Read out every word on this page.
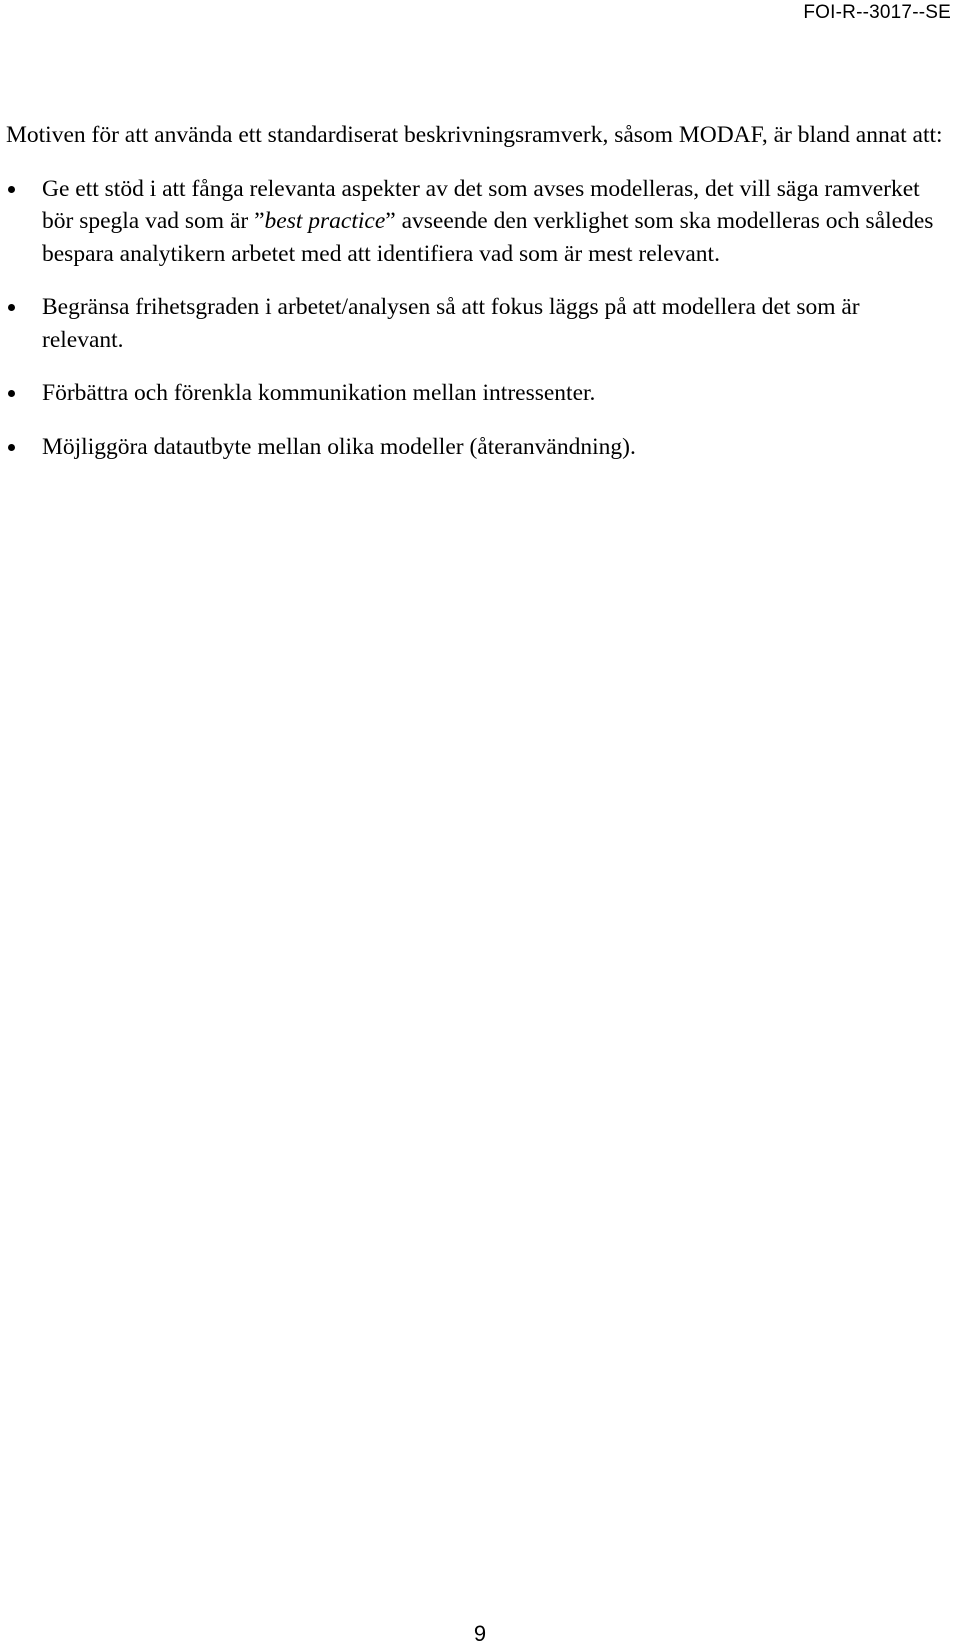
FOI-R--3017--SE

Motiven för att använda ett standardiserat beskrivningsramverk, såsom MODAF, är bland annat att:

Ge ett stöd i att fånga relevanta aspekter av det som avses modelleras, det vill säga ramverket bör spegla vad som är ”best practice” avseende den verklighet som ska modelleras och således bespara analytikern arbetet med att identifiera vad som är mest relevant.
Begränsa frihetsgraden i arbetet/analysen så att fokus läggs på att modellera det som är relevant.
Förbättra och förenkla kommunikation mellan intressenter.
Möjliggöra datautbyte mellan olika modeller (återanvändning).
9
